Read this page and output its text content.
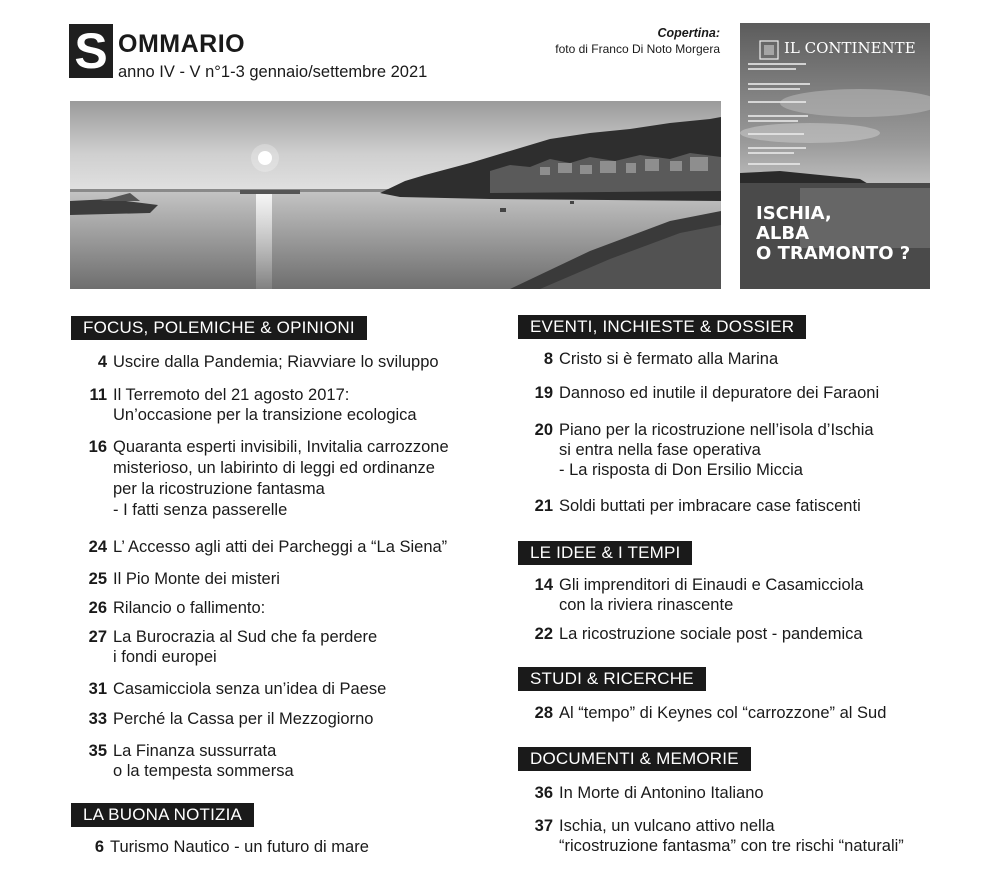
S OMMARIO
anno IV - V n°1-3 gennaio/settembre 2021
Copertina:
foto di Franco Di Noto Morgera	IL CONTINENTE
ISCHIA,
ALBA
O TRAMONTO ?
FOCUS, POLEMICHE & OPINIONI
4 Uscire dalla Pandemia; Riavviare lo sviluppo
11 Il Terremoto del 21 agosto 2017:
Un’occasione per la transizione ecologica
16 Quaranta esperti invisibili, Invitalia carrozzone
misterioso, un labirinto di leggi ed ordinanze
per la ricostruzione fantasma
- I fatti senza passerelle
24 L’ Accesso agli atti dei Parcheggi a “La Siena”
25 Il Pio Monte dei misteri
26 Rilancio o fallimento:
27 La Burocrazia al Sud che fa perdere
i fondi europei
31 Casamicciola senza un’idea di Paese
33 Perché la Cassa per il Mezzogiorno
35 La Finanza sussurrata
o la tempesta sommersa
LA BUONA NOTIZIA
6 Turismo Nautico - un futuro di mare
EVENTI, INCHIESTE & DOSSIER
8 Cristo si è fermato alla Marina
19 Dannoso ed inutile il depuratore dei Faraoni
20 Piano per la ricostruzione nell’isola d’Ischia
si entra nella fase operativa
- La risposta di Don Ersilio Miccia
21 Soldi buttati per imbracare case fatiscenti
LE IDEE & I TEMPI
14 Gli imprenditori di Einaudi e Casamicciola
con la riviera rinascente
22 La ricostruzione sociale post - pandemica
STUDI & RICERCHE
28 Al “tempo” di Keynes col “carrozzone” al Sud
DOCUMENTI & MEMORIE
36 In Morte di Antonino Italiano
37 Ischia, un vulcano attivo nella
“ricostruzione fantasma” con tre rischi “naturali”
